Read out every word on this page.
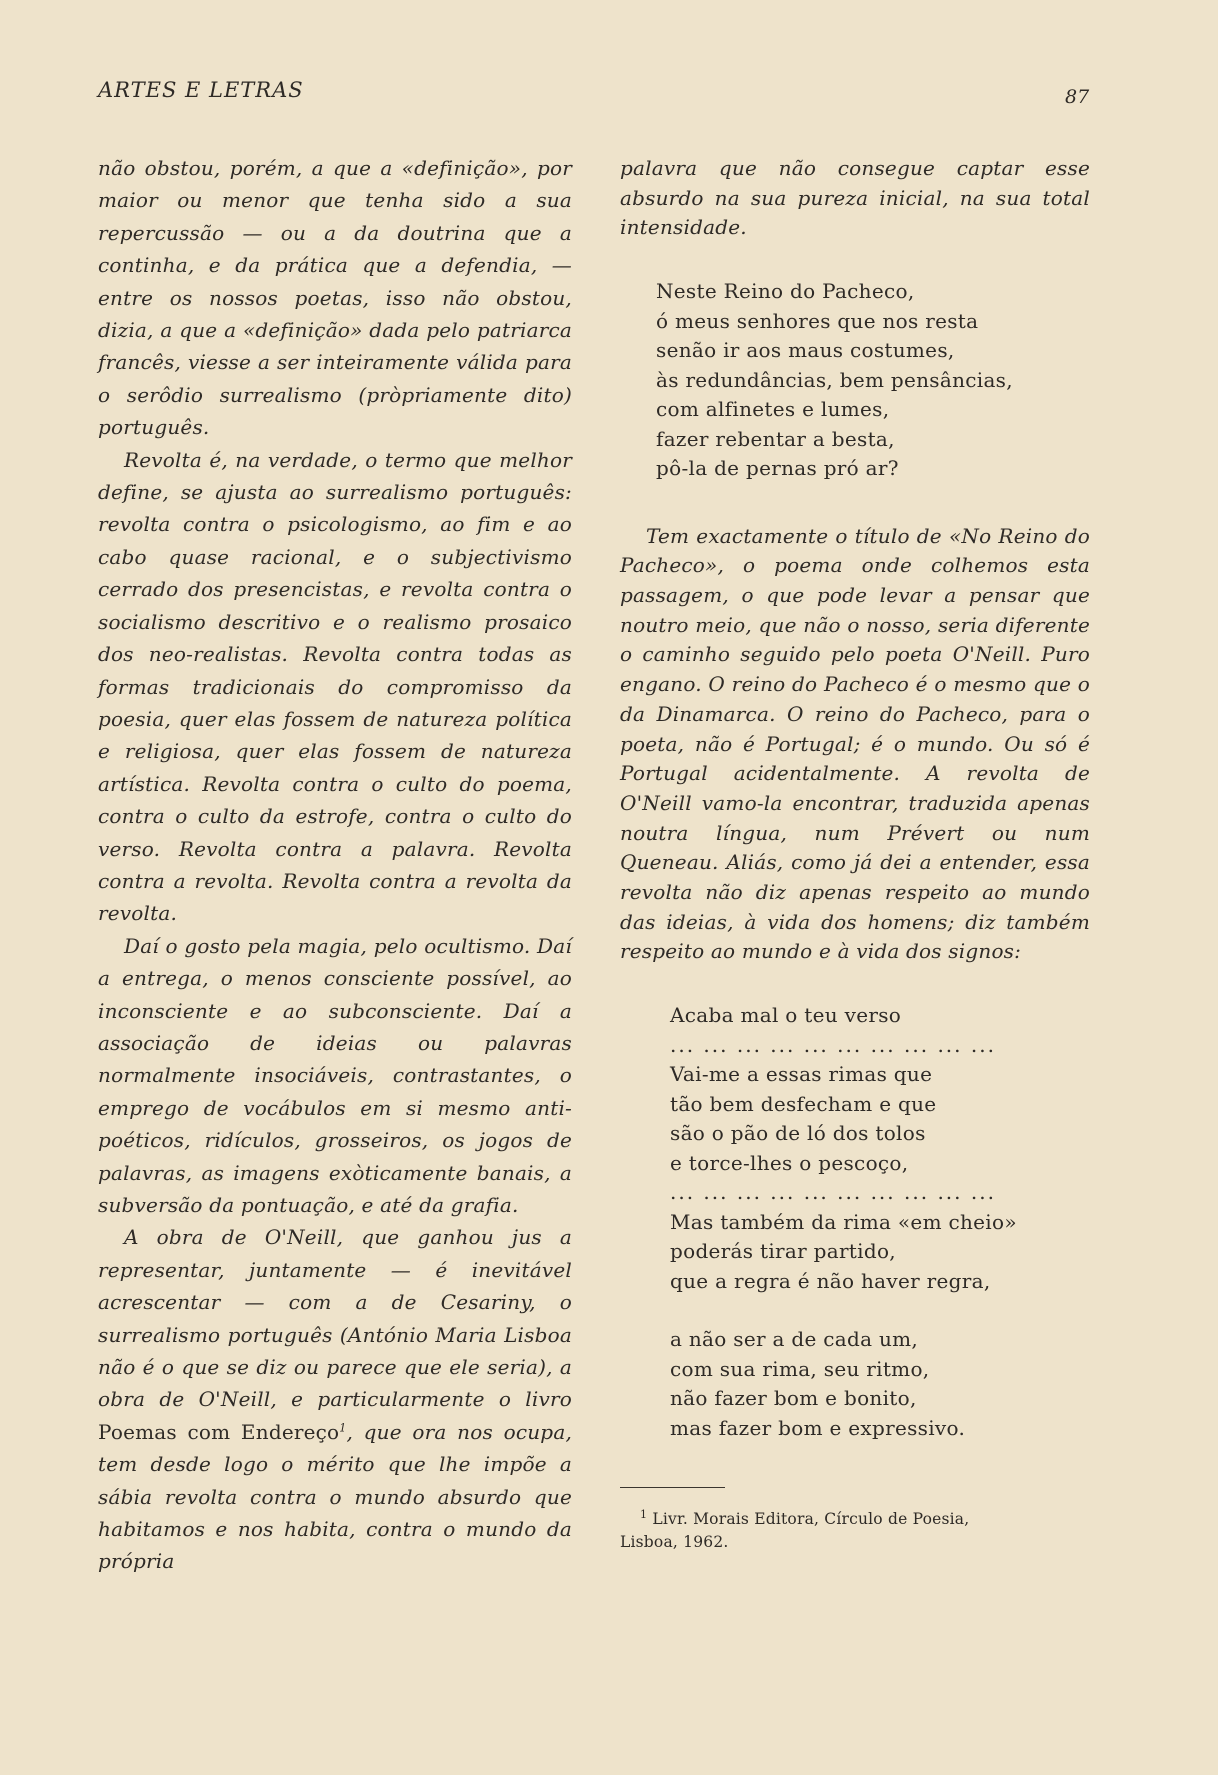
ARTES E LETRAS	87

não obstou, porém, a que a «definição», por maior ou menor que tenha sido a sua repercussão — ou a da doutrina que a continha, e da prática que a defendia, — entre os nossos poetas, isso não obstou, dizia, a que a «definição» dada pelo patriarca francês, viesse a ser inteiramente válida para o serôdio surrealismo (pròpriamente dito) português.

Revolta é, na verdade, o termo que melhor define, se ajusta ao surrealismo português: revolta contra o psicologismo, ao fim e ao cabo quase racional, e o subjectivismo cerrado dos presencistas, e revolta contra o socialismo descritivo e o realismo prosaico dos neo-realistas. Revolta contra todas as formas tradicionais do compromisso da poesia, quer elas fossem de natureza política e religiosa, quer elas fossem de natureza artística. Revolta contra o culto do poema, contra o culto da estrofe, contra o culto do verso. Revolta contra a palavra. Revolta contra a revolta. Revolta contra a revolta da revolta.

Daí o gosto pela magia, pelo ocultismo. Daí a entrega, o menos consciente possível, ao inconsciente e ao subconsciente. Daí a associação de ideias ou palavras normalmente insociáveis, contrastantes, o emprego de vocábulos em si mesmo anti-poéticos, ridículos, grosseiros, os jogos de palavras, as imagens exòticamente banais, a subversão da pontuação, e até da grafia.

A obra de O'Neill, que ganhou jus a representar, juntamente — é inevitável acrescentar — com a de Cesariny, o surrealismo português (António Maria Lisboa não é o que se diz ou parece que ele seria), a obra de O'Neill, e particularmente o livro Poemas com Endereço$^1$, que ora nos ocupa, tem desde logo o mérito que lhe impõe a sábia revolta contra o mundo absurdo que habitamos e nos habita, contra o mundo da própria

palavra que não consegue captar esse absurdo na sua pureza inicial, na sua total intensidade.

Neste Reino do Pacheco,
ó meus senhores que nos resta
senão ir aos maus costumes,
às redundâncias, bem pensâncias,
com alfinetes e lumes,
fazer rebentar a besta,
pô-la de pernas pró ar?

Tem exactamente o título de «No Reino do Pacheco», o poema onde colhemos esta passagem, o que pode levar a pensar que noutro meio, que não o nosso, seria diferente o caminho seguido pelo poeta O'Neill. Puro engano. O reino do Pacheco é o mesmo que o da Dinamarca. O reino do Pacheco, para o poeta, não é Portugal; é o mundo. Ou só é Portugal acidentalmente. A revolta de O'Neill vamo-la encontrar, traduzida apenas noutra língua, num Prévert ou num Queneau. Aliás, como já dei a entender, essa revolta não diz apenas respeito ao mundo das ideias, à vida dos homens; diz também respeito ao mundo e à vida dos signos:

Acaba mal o teu verso
... ... ... ... ... ... ... ... ... ...
Vai-me a essas rimas que
tão bem desfecham e que
são o pão de ló dos tolos
e torce-lhes o pescoço,
... ... ... ... ... ... ... ... ... ...
Mas também da rima «em cheio»
poderás tirar partido,
que a regra é não haver regra,
a não ser a de cada um,
com sua rima, seu ritmo,
não fazer bom e bonito,
mas fazer bom e expressivo.
$^1$ Livr. Morais Editora, Círculo de Poesia,
Lisboa, 1962.
